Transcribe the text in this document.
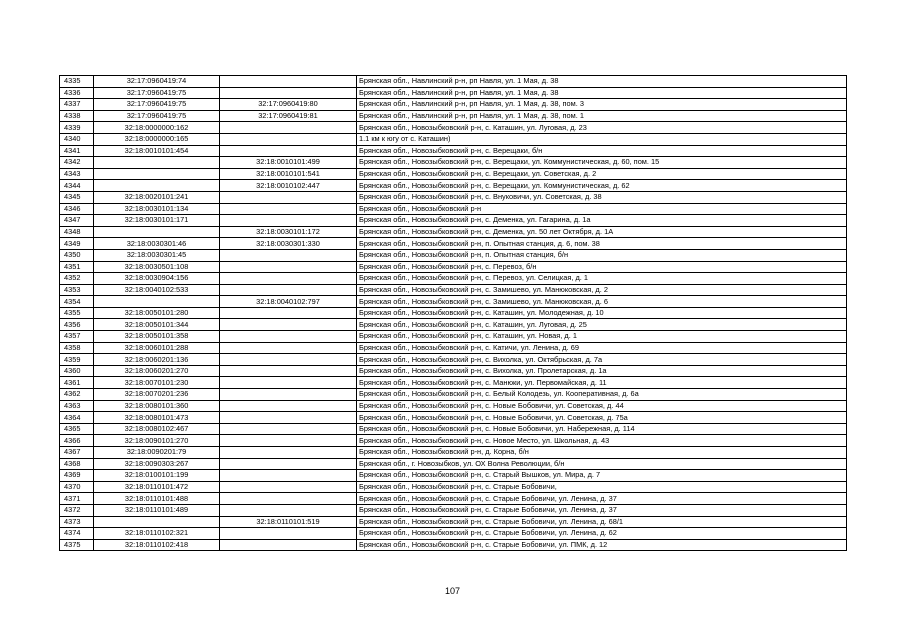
4335	32:17:0960419:74		Брянская обл., Навлинский р-н, рп Навля, ул. 1 Мая, д. 38
4336	32:17:0960419:75		Брянская обл., Навлинский р-н, рп Навля, ул. 1 Мая, д. 38
4337	32:17:0960419:75	32:17:0960419:80	Брянская обл., Навлинский р-н, рп Навля, ул. 1 Мая, д. 38, пом. 3
4338	32:17:0960419:75	32:17:0960419:81	Брянская обл., Навлинский р-н, рп Навля, ул. 1 Мая, д. 38, пом. 1
4339	32:18:0000000:162		Брянская обл., Новозыбковский р-н, с. Каташин, ул. Луговая, д. 23
4340	32:18:0000000:165		1.1 км к югу от с. Каташин)
4341	32:18:0010101:454		Брянская обл., Новозыбковский р-н, с. Верещаки, б/н
4342		32:18:0010101:499	Брянская обл., Новозыбковский р-н, с. Верещаки, ул. Коммунистическая, д. 60, пом. 15
4343		32:18:0010101:541	Брянская обл., Новозыбковский р-н, с. Верещаки, ул. Советская, д. 2
4344		32:18:0010102:447	Брянская обл., Новозыбковский р-н, с. Верещаки, ул. Коммунистическая, д. 62
4345	32:18:0020101:241		Брянская обл., Новозыбковский р-н, с. Внуковичи, ул. Советская, д. 38
4346	32:18:0030101:134		Брянская обл., Новозыбковский р-н
4347	32:18:0030101:171		Брянская обл., Новозыбковский р-н, с. Деменка, ул. Гагарина, д. 1а
4348		32:18:0030101:172	Брянская обл., Новозыбковский р-н, с. Деменка, ул. 50 лет Октября, д. 1А
4349	32:18:0030301:46	32:18:0030301:330	Брянская обл., Новозыбковский р-н, п. Опытная станция, д. 6, пом. 38
4350	32:18:0030301:45		Брянская обл., Новозыбковский р-н, п. Опытная станция, б/н
4351	32:18:0030501:108		Брянская обл., Новозыбковский р-н, с. Перевоз, б/н
4352	32:18:0030904:156		Брянская обл., Новозыбковский р-н, с. Перевоз, ул. Селицкая, д. 1
4353	32:18:0040102:533		Брянская обл., Новозыбковский р-н, с. Замишево, ул. Манюковская, д. 2
4354		32:18:0040102:797	Брянская обл., Новозыбковский р-н, с. Замишево, ул. Манюковская, д. 6
4355	32:18:0050101:280		Брянская обл., Новозыбковский р-н, с. Каташин, ул. Молодежная, д. 10
4356	32:18:0050101:344		Брянская обл., Новозыбковский р-н, с. Каташин, ул. Луговая, д. 25
4357	32:18:0050101:358		Брянская обл., Новозыбковский р-н, с. Каташин, ул. Новая, д. 1
4358	32:18:0060101:288		Брянская обл., Новозыбковский р-н, с. Катичи, ул. Ленина, д. 69
4359	32:18:0060201:136		Брянская обл., Новозыбковский р-н, с. Вихолка, ул. Октябрьская, д. 7а
4360	32:18:0060201:270		Брянская обл., Новозыбковский р-н, с. Вихолка, ул. Пролетарская, д. 1а
4361	32:18:0070101:230		Брянская обл., Новозыбковский р-н, с. Манюки, ул. Первомайская, д. 11
4362	32:18:0070201:236		Брянская обл., Новозыбковский р-н, с. Белый Колодезь, ул. Кооперативная, д. 6а
4363	32:18:0080101:360		Брянская обл., Новозыбковский р-н, с. Новые Бобовичи, ул. Советская, д. 44
4364	32:18:0080101:473		Брянская обл., Новозыбковский р-н, с. Новые Бобовичи, ул. Советская, д. 75а
4365	32:18:0080102:467		Брянская обл., Новозыбковский р-н, с. Новые Бобовичи, ул. Набережная, д. 114
4366	32:18:0090101:270		Брянская обл., Новозыбковский р-н, с. Новое Место, ул. Школьная, д. 43
4367	32:18:0090201:79		Брянская обл., Новозыбковский р-н, д. Корна, б/н
4368	32:18:0090303:267		Брянская обл., г. Новозыбков, ул. ОХ Волна Революции, б/н
4369	32:18:0100101:199		Брянская обл., Новозыбковский р-н, с. Старый Вышков, ул. Мира, д. 7
4370	32:18:0110101:472		Брянская обл., Новозыбковский р-н, с. Старые Бобовичи,
4371	32:18:0110101:488		Брянская обл., Новозыбковский р-н, с. Старые Бобовичи, ул. Ленина, д. 37
4372	32:18:0110101:489		Брянская обл., Новозыбковский р-н, с. Старые Бобовичи, ул. Ленина, д. 37
4373		32:18:0110101:519	Брянская обл., Новозыбковский р-н, с. Старые Бобовичи, ул. Ленина, д. 68/1
4374	32:18:0110102:321		Брянская обл., Новозыбковский р-н, с. Старые Бобовичи, ул. Ленина, д. 62
4375	32:18:0110102:418		Брянская обл., Новозыбковский р-н, с. Старые Бобовичи, ул. ПМК, д. 12
107
